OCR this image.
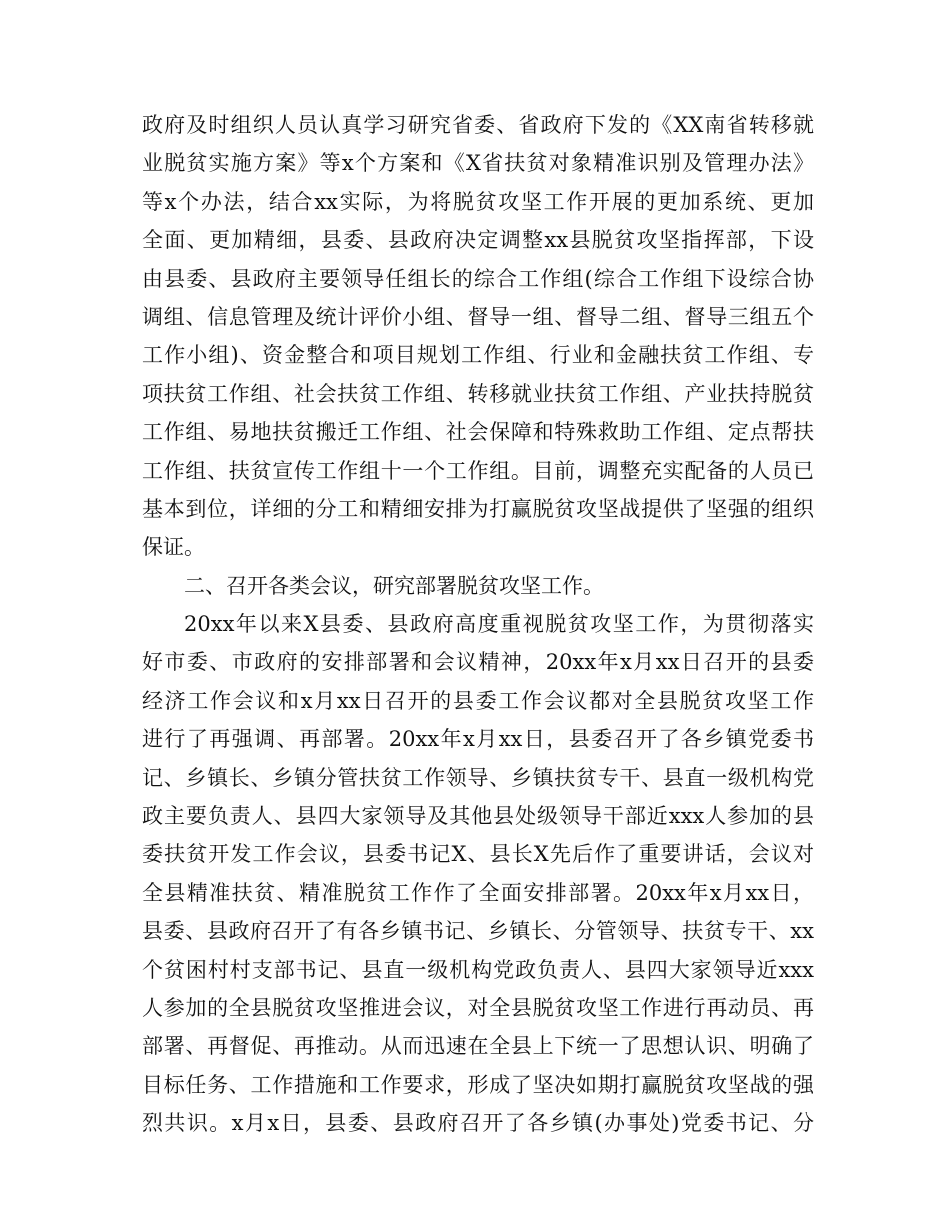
政府及时组织人员认真学习研究省委、省政府下发的《XX南省转移就
业脱贫实施方案》等x个方案和《X省扶贫对象精准识别及管理办法》
等x个办法，结合xx实际，为将脱贫攻坚工作开展的更加系统、更加
全面、更加精细，县委、县政府决定调整xx县脱贫攻坚指挥部，下设
由县委、县政府主要领导任组长的综合工作组(综合工作组下设综合协
调组、信息管理及统计评价小组、督导一组、督导二组、督导三组五个
工作小组)、资金整合和项目规划工作组、行业和金融扶贫工作组、专
项扶贫工作组、社会扶贫工作组、转移就业扶贫工作组、产业扶持脱贫
工作组、易地扶贫搬迁工作组、社会保障和特殊救助工作组、定点帮扶
工作组、扶贫宣传工作组十一个工作组。目前，调整充实配备的人员已
基本到位，详细的分工和精细安排为打赢脱贫攻坚战提供了坚强的组织
保证。
二、召开各类会议，研究部署脱贫攻坚工作。
20xx年以来X县委、县政府高度重视脱贫攻坚工作，为贯彻落实
好市委、市政府的安排部署和会议精神，20xx年x月xx日召开的县委
经济工作会议和x月xx日召开的县委工作会议都对全县脱贫攻坚工作
进行了再强调、再部署。20xx年x月xx日，县委召开了各乡镇党委书
记、乡镇长、乡镇分管扶贫工作领导、乡镇扶贫专干、县直一级机构党
政主要负责人、县四大家领导及其他县处级领导干部近xxx人参加的县
委扶贫开发工作会议，县委书记X、县长X先后作了重要讲话，会议对
全县精准扶贫、精准脱贫工作作了全面安排部署。20xx年x月xx日，
县委、县政府召开了有各乡镇书记、乡镇长、分管领导、扶贫专干、xx
个贫困村村支部书记、县直一级机构党政负责人、县四大家领导近xxx
人参加的全县脱贫攻坚推进会议，对全县脱贫攻坚工作进行再动员、再
部署、再督促、再推动。从而迅速在全县上下统一了思想认识、明确了
目标任务、工作措施和工作要求，形成了坚决如期打赢脱贫攻坚战的强
烈共识。x月x日，县委、县政府召开了各乡镇(办事处)党委书记、分
